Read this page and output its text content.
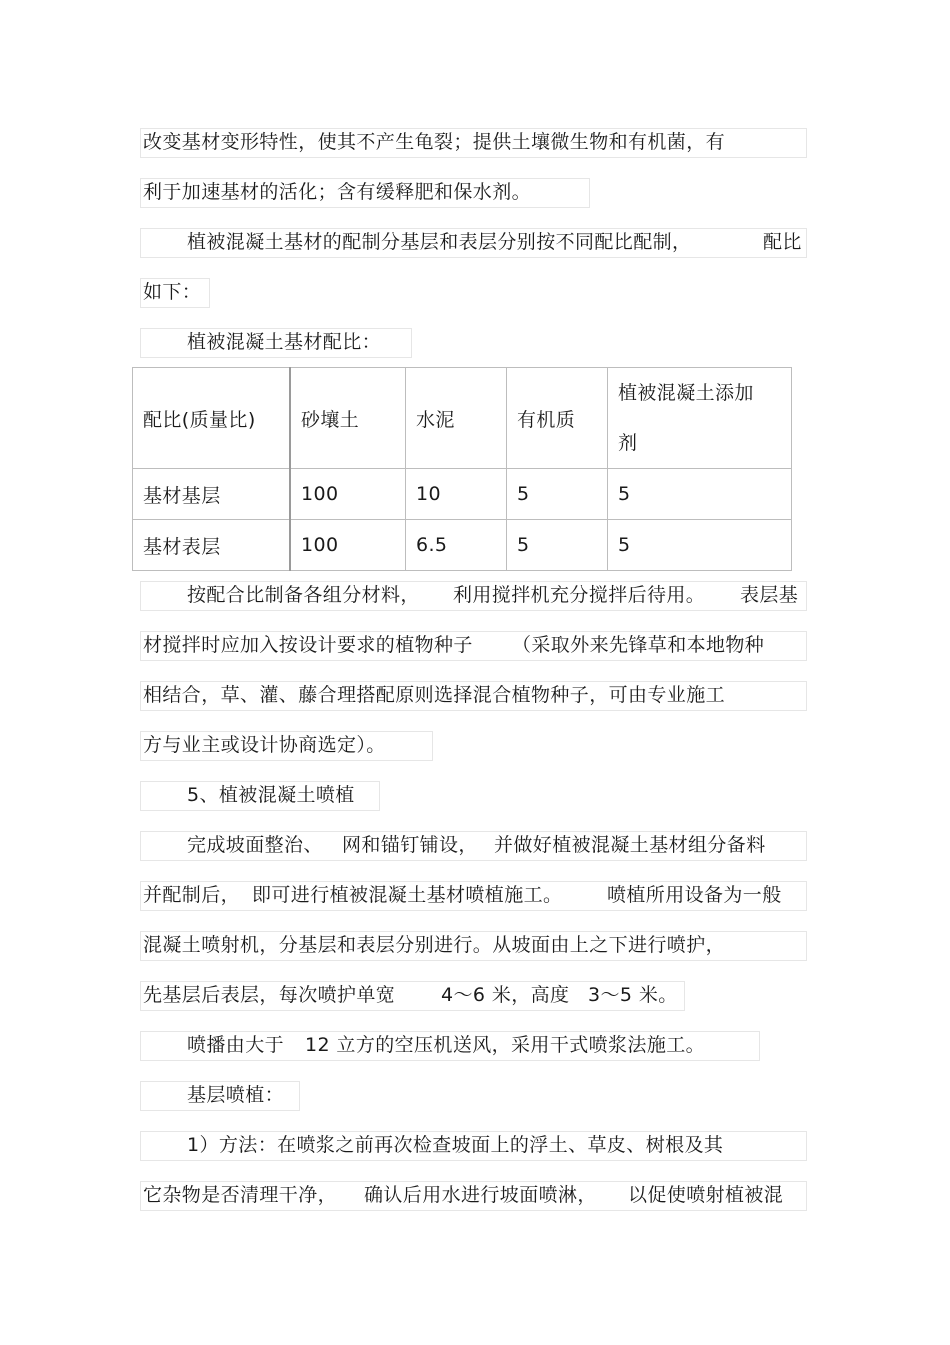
改变基材变形特性，使其不产生龟裂；提供土壤微生物和有机菌，有
利于加速基材的活化；含有缓释肥和保水剂。
植被混凝土基材的配制分基层和表层分别按不同配比配制，	配比
如下：
植被混凝土基材配比：
配比(质量比)	砂壤土	水泥	有机质	植被混凝土添加
剂

基材基层	100	10	5	5
基材表层	100	6.5	5	5
按配合比制备各组分材料， 利用搅拌机充分搅拌后待用。 表层基
材搅拌时应加入按设计要求的植物种子 （采取外来先锋草和本地物种
相结合，草、灌、藤合理搭配原则选择混合植物种子，可由专业施工
方与业主或设计协商选定）。
5、植被混凝土喷植
完成坡面整治、 网和锚钉铺设， 并做好植被混凝土基材组分备料
并配制后， 即可进行植被混凝土基材喷植施工。 喷植所用设备为一般
混凝土喷射机，分基层和表层分别进行。从坡面由上之下进行喷护，
先基层后表层，每次喷护单宽 4～6 米，高度 3～5 米。
喷播由大于 12 立方的空压机送风，采用干式喷浆法施工。
基层喷植：
1）方法：在喷浆之前再次检查坡面上的浮土、草皮、树根及其
它杂物是否清理干净， 确认后用水进行坡面喷淋， 以促使喷射植被混
